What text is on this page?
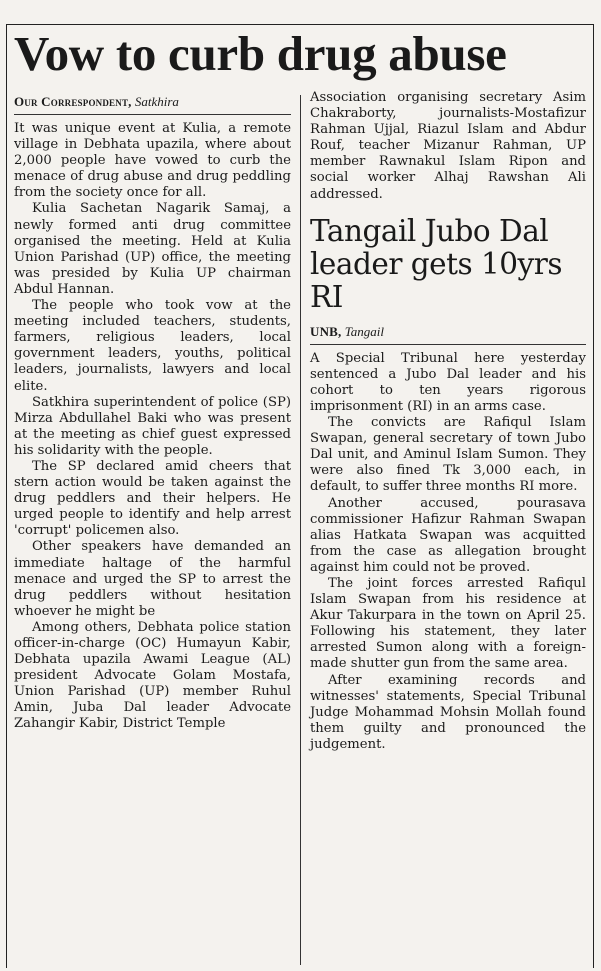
Vow to curb drug abuse
Our Correspondent, Satkhira

It was unique event at Kulia, a remote village in Debhata upazila, where about 2,000 people have vowed to curb the menace of drug abuse and drug peddling from the society once for all.

Kulia Sachetan Nagarik Samaj, a newly formed anti drug committee organised the meeting. Held at Kulia Union Parishad (UP) office, the meeting was presided by Kulia UP chairman Abdul Hannan.

The people who took vow at the meeting included teachers, students, farmers, religious leaders, local government leaders, youths, political leaders, journalists, lawyers and local elite.

Satkhira superintendent of police (SP) Mirza Abdullahel Baki who was present at the meeting as chief guest expressed his solidarity with the people.

The SP declared amid cheers that stern action would be taken against the drug peddlers and their helpers. He urged people to identify and help arrest 'corrupt' policemen also.

Other speakers have demanded an immediate haltage of the harmful menace and urged the SP to arrest the drug peddlers without hesitation whoever he might be

Among others, Debhata police station officer-in-charge (OC) Humayun Kabir, Debhata upazila Awami League (AL) president Advocate Golam Mostafa, Union Parishad (UP) member Ruhul Amin, Juba Dal leader Advocate Zahangir Kabir, District Temple

Association organising secretary Asim Chakraborty, journalists-Mostafizur Rahman Ujjal, Riazul Islam and Abdur Rouf, teacher Mizanur Rahman, UP member Rawnakul Islam Ripon and social worker Alhaj Rawshan Ali addressed.

Tangail Jubo Dal leader gets 10yrs RI
UNB, Tangail

A Special Tribunal here yesterday sentenced a Jubo Dal leader and his cohort to ten years rigorous imprisonment (RI) in an arms case.

The convicts are Rafiqul Islam Swapan, general secretary of town Jubo Dal unit, and Aminul Islam Sumon. They were also fined Tk 3,000 each, in default, to suffer three months RI more.

Another accused, pourasava commissioner Hafizur Rahman Swapan alias Hatkata Swapan was acquitted from the case as allegation brought against him could not be proved.

The joint forces arrested Rafiqul Islam Swapan from his residence at Akur Takurpara in the town on April 25. Following his statement, they later arrested Sumon along with a foreign-made shutter gun from the same area.

After examining records and witnesses' statements, Special Tribunal Judge Mohammad Mohsin Mollah found them guilty and pronounced the judgement.
